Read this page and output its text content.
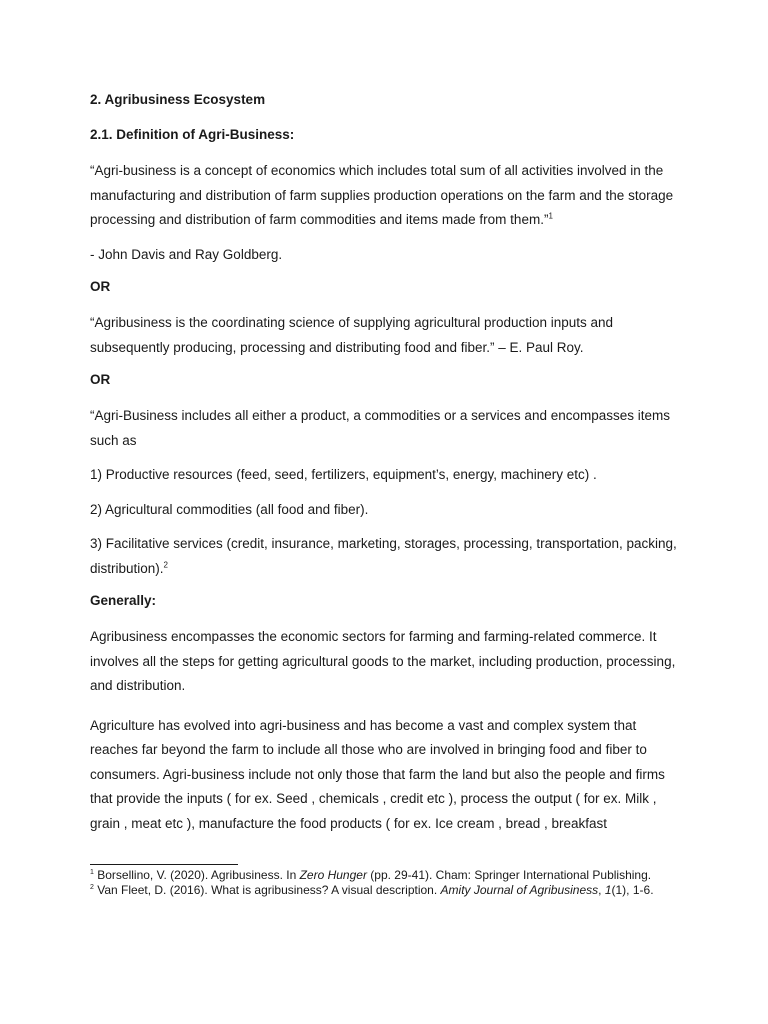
2. Agribusiness Ecosystem
2.1. Definition of Agri-Business:

“Agri-business is a concept of economics which includes total sum of all activities involved in the manufacturing and distribution of farm supplies production operations on the farm and the storage processing and distribution of farm commodities and items made from them.”$^1$

- John Davis and Ray Goldberg.

OR

“Agribusiness is the coordinating science of supplying agricultural production inputs and subsequently producing, processing and distributing food and fiber.” – E. Paul Roy.

OR

“Agri-Business includes all either a product, a commodities or a services and encompasses items such as

1) Productive resources (feed, seed, fertilizers, equipment’s, energy, machinery etc) .

2) Agricultural commodities (all food and fiber).

3) Facilitative services (credit, insurance, marketing, storages, processing, transportation, packing, distribution).$^2$

Generally:

Agribusiness encompasses the economic sectors for farming and farming-related commerce. It involves all the steps for getting agricultural goods to the market, including production, processing, and distribution.

Agriculture has evolved into agri-business and has become a vast and complex system that reaches far beyond the farm to include all those who are involved in bringing food and fiber to consumers. Agri-business include not only those that farm the land but also the people and firms that provide the inputs ( for ex. Seed , chemicals , credit etc ), process the output ( for ex. Milk , grain , meat etc ), manufacture the food products ( for ex. Ice cream , bread , breakfast

$^1$ Borsellino, V. (2020). Agribusiness. In Zero Hunger (pp. 29-41). Cham: Springer International Publishing.

$^2$ Van Fleet, D. (2016). What is agribusiness? A visual description. Amity Journal of Agribusiness, 1(1), 1-6.
